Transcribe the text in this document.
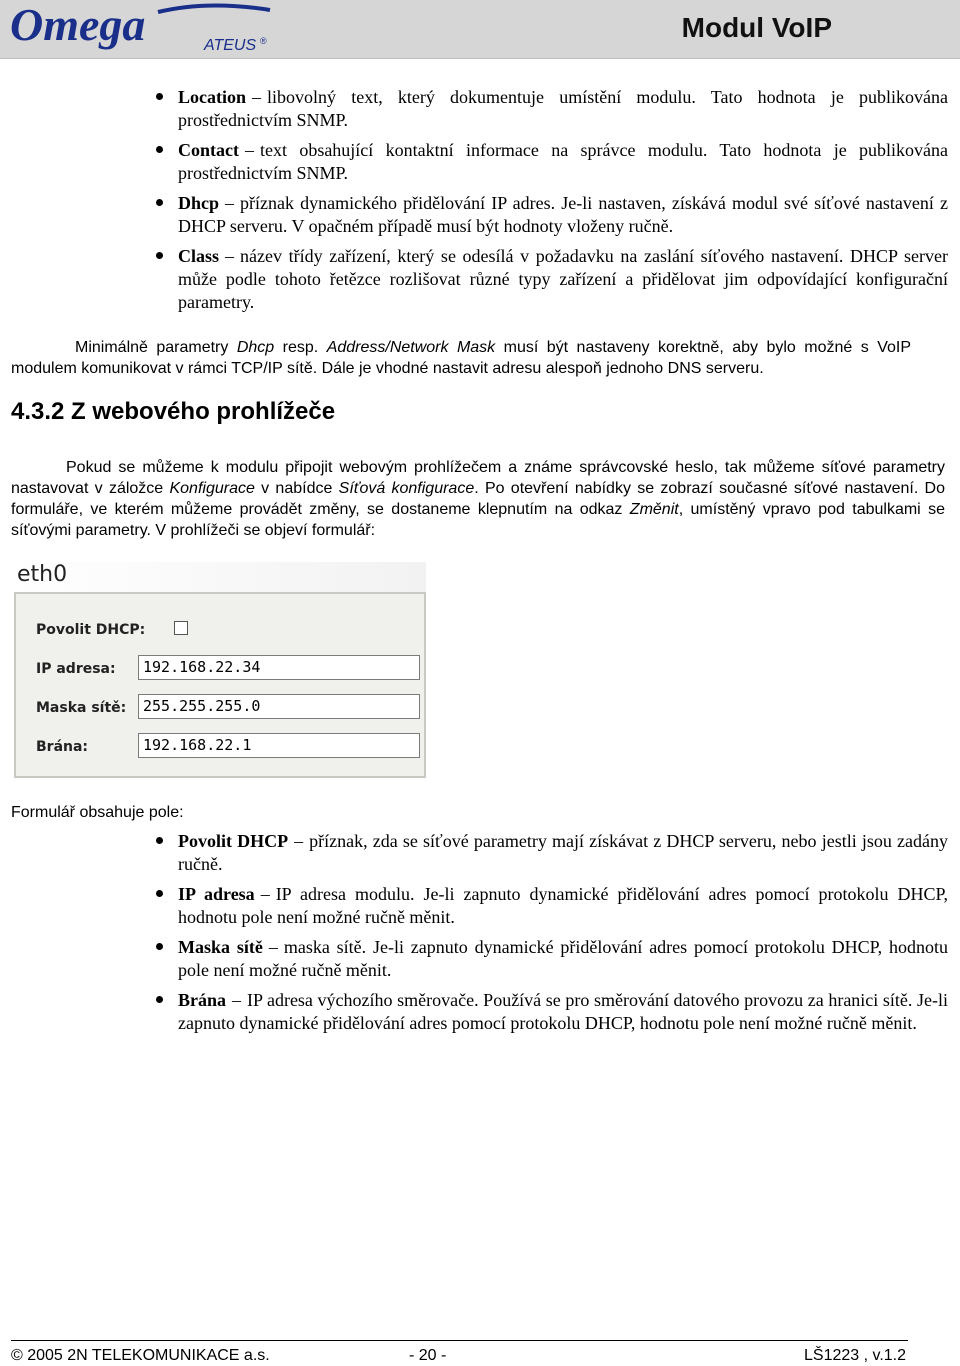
Omega	ATEUS ®	Modul VoIP
Location – libovolný text, který dokumentuje umístění modulu. Tato hodnota je publikována prostřednictvím SNMP.
Contact – text obsahující kontaktní informace na správce modulu. Tato hodnota je publikována prostřednictvím SNMP.
Dhcp – příznak dynamického přidělování IP adres. Je-li nastaven, získává modul své síťové nastavení z DHCP serveru. V opačném případě musí být hodnoty vloženy ručně.
Class – název třídy zařízení, který se odesílá v požadavku na zaslání síťového nastavení. DHCP server může podle tohoto řetězce rozlišovat různé typy zařízení a přidělovat jim odpovídající konfigurační parametry.

Minimálně parametry Dhcp resp. Address/Network Mask musí být nastaveny korektně, aby bylo možné s VoIP modulem komunikovat v rámci TCP/IP sítě. Dále je vhodné nastavit adresu alespoň jednoho DNS serveru.

4.3.2 Z webového prohlížeče

Pokud se můžeme k modulu připojit webovým prohlížečem a známe správcovské heslo, tak můžeme síťové parametry nastavovat v záložce Konfigurace v nabídce Síťová konfigurace. Po otevření nabídky se zobrazí současné síťové nastavení. Do formuláře, ve kterém můžeme provádět změny, se dostaneme klepnutím na odkaz Změnit, umístěný vpravo pod tabulkami se síťovými parametry. V prohlížeči se objeví formulář:

eth0
Povolit DHCP:
IP adresa:	192.168.22.34
Maska sítě:	255.255.255.0
Brána:	192.168.22.1
Formulář obsahuje pole:
Povolit DHCP – příznak, zda se síťové parametry mají získávat z DHCP serveru, nebo jestli jsou zadány ručně.
IP adresa – IP adresa modulu. Je-li zapnuto dynamické přidělování adres pomocí protokolu DHCP, hodnotu pole není možné ručně měnit.
Maska sítě – maska sítě. Je-li zapnuto dynamické přidělování adres pomocí protokolu DHCP, hodnotu pole není možné ručně měnit.
Brána – IP adresa výchozího směrovače. Používá se pro směrování datového provozu za hranici sítě. Je-li zapnuto dynamické přidělování adres pomocí protokolu DHCP, hodnotu pole není možné ručně měnit.
© 2005 2N TELEKOMUNIKACE a.s.	- 20 -	LŠ1223 , v.1.2
